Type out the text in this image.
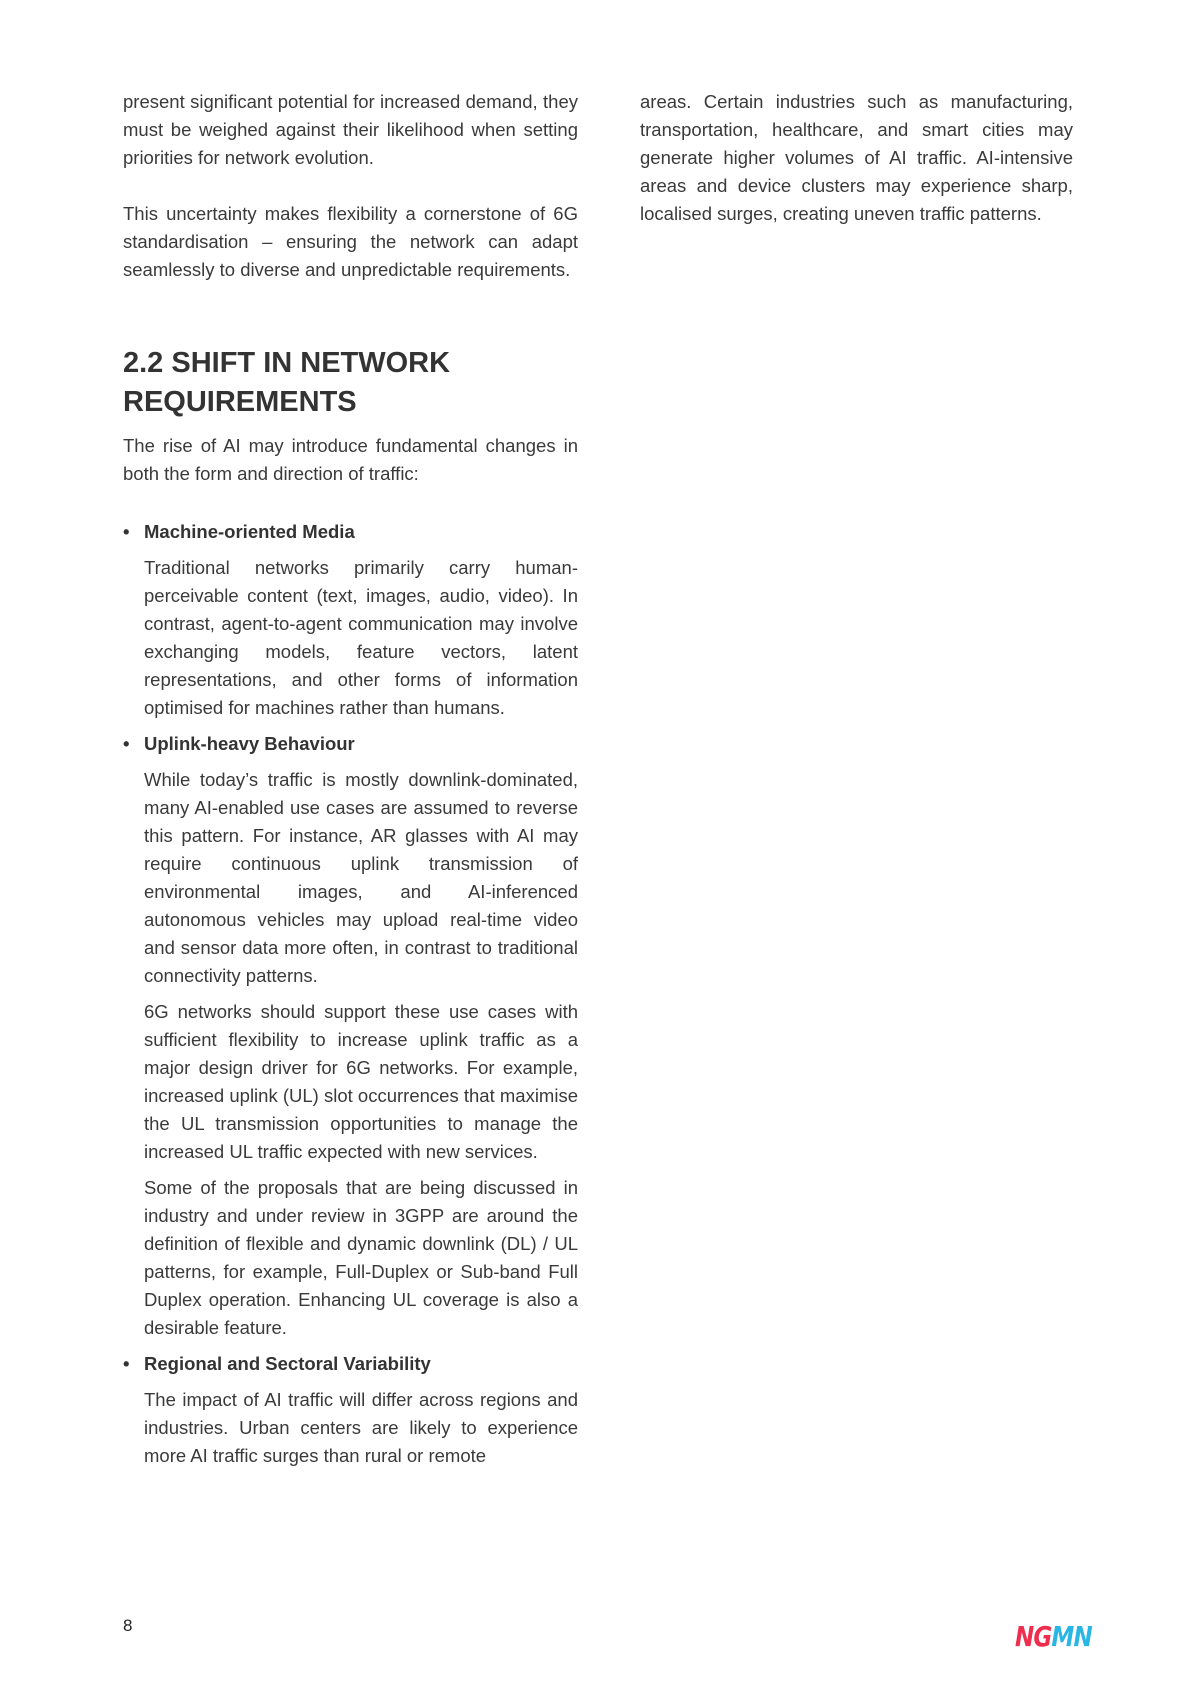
present significant potential for increased demand, they must be weighed against their likelihood when setting priorities for network evolution.

This uncertainty makes flexibility a cornerstone of 6G standardisation – ensuring the network can adapt seamlessly to diverse and unpredictable requirements.

2.2 SHIFT IN NETWORK REQUIREMENTS

The rise of AI may introduce fundamental changes in both the form and direction of traffic:

• Machine-oriented Media

Traditional networks primarily carry human-perceivable content (text, images, audio, video). In contrast, agent-to-agent communication may involve exchanging models, feature vectors, latent representations, and other forms of information optimised for machines rather than humans.

• Uplink-heavy Behaviour

While today’s traffic is mostly downlink-dominated, many AI-enabled use cases are assumed to reverse this pattern. For instance, AR glasses with AI may require continuous uplink transmission of environmental images, and AI-inferenced autonomous vehicles may upload real-time video and sensor data more often, in contrast to traditional connectivity patterns.

6G networks should support these use cases with sufficient flexibility to increase uplink traffic as a major design driver for 6G networks. For example, increased uplink (UL) slot occurrences that maximise the UL transmission opportunities to manage the increased UL traffic expected with new services.

Some of the proposals that are being discussed in industry and under review in 3GPP are around the definition of flexible and dynamic downlink (DL) / UL patterns, for example, Full-Duplex or Sub-band Full Duplex operation. Enhancing UL coverage is also a desirable feature.

• Regional and Sectoral Variability

The impact of AI traffic will differ across regions and industries. Urban centers are likely to experience more AI traffic surges than rural or remote

areas. Certain industries such as manufacturing, transportation, healthcare, and smart cities may generate higher volumes of AI traffic. AI-intensive areas and device clusters may experience sharp, localised surges, creating uneven traffic patterns.

8	NGMN
